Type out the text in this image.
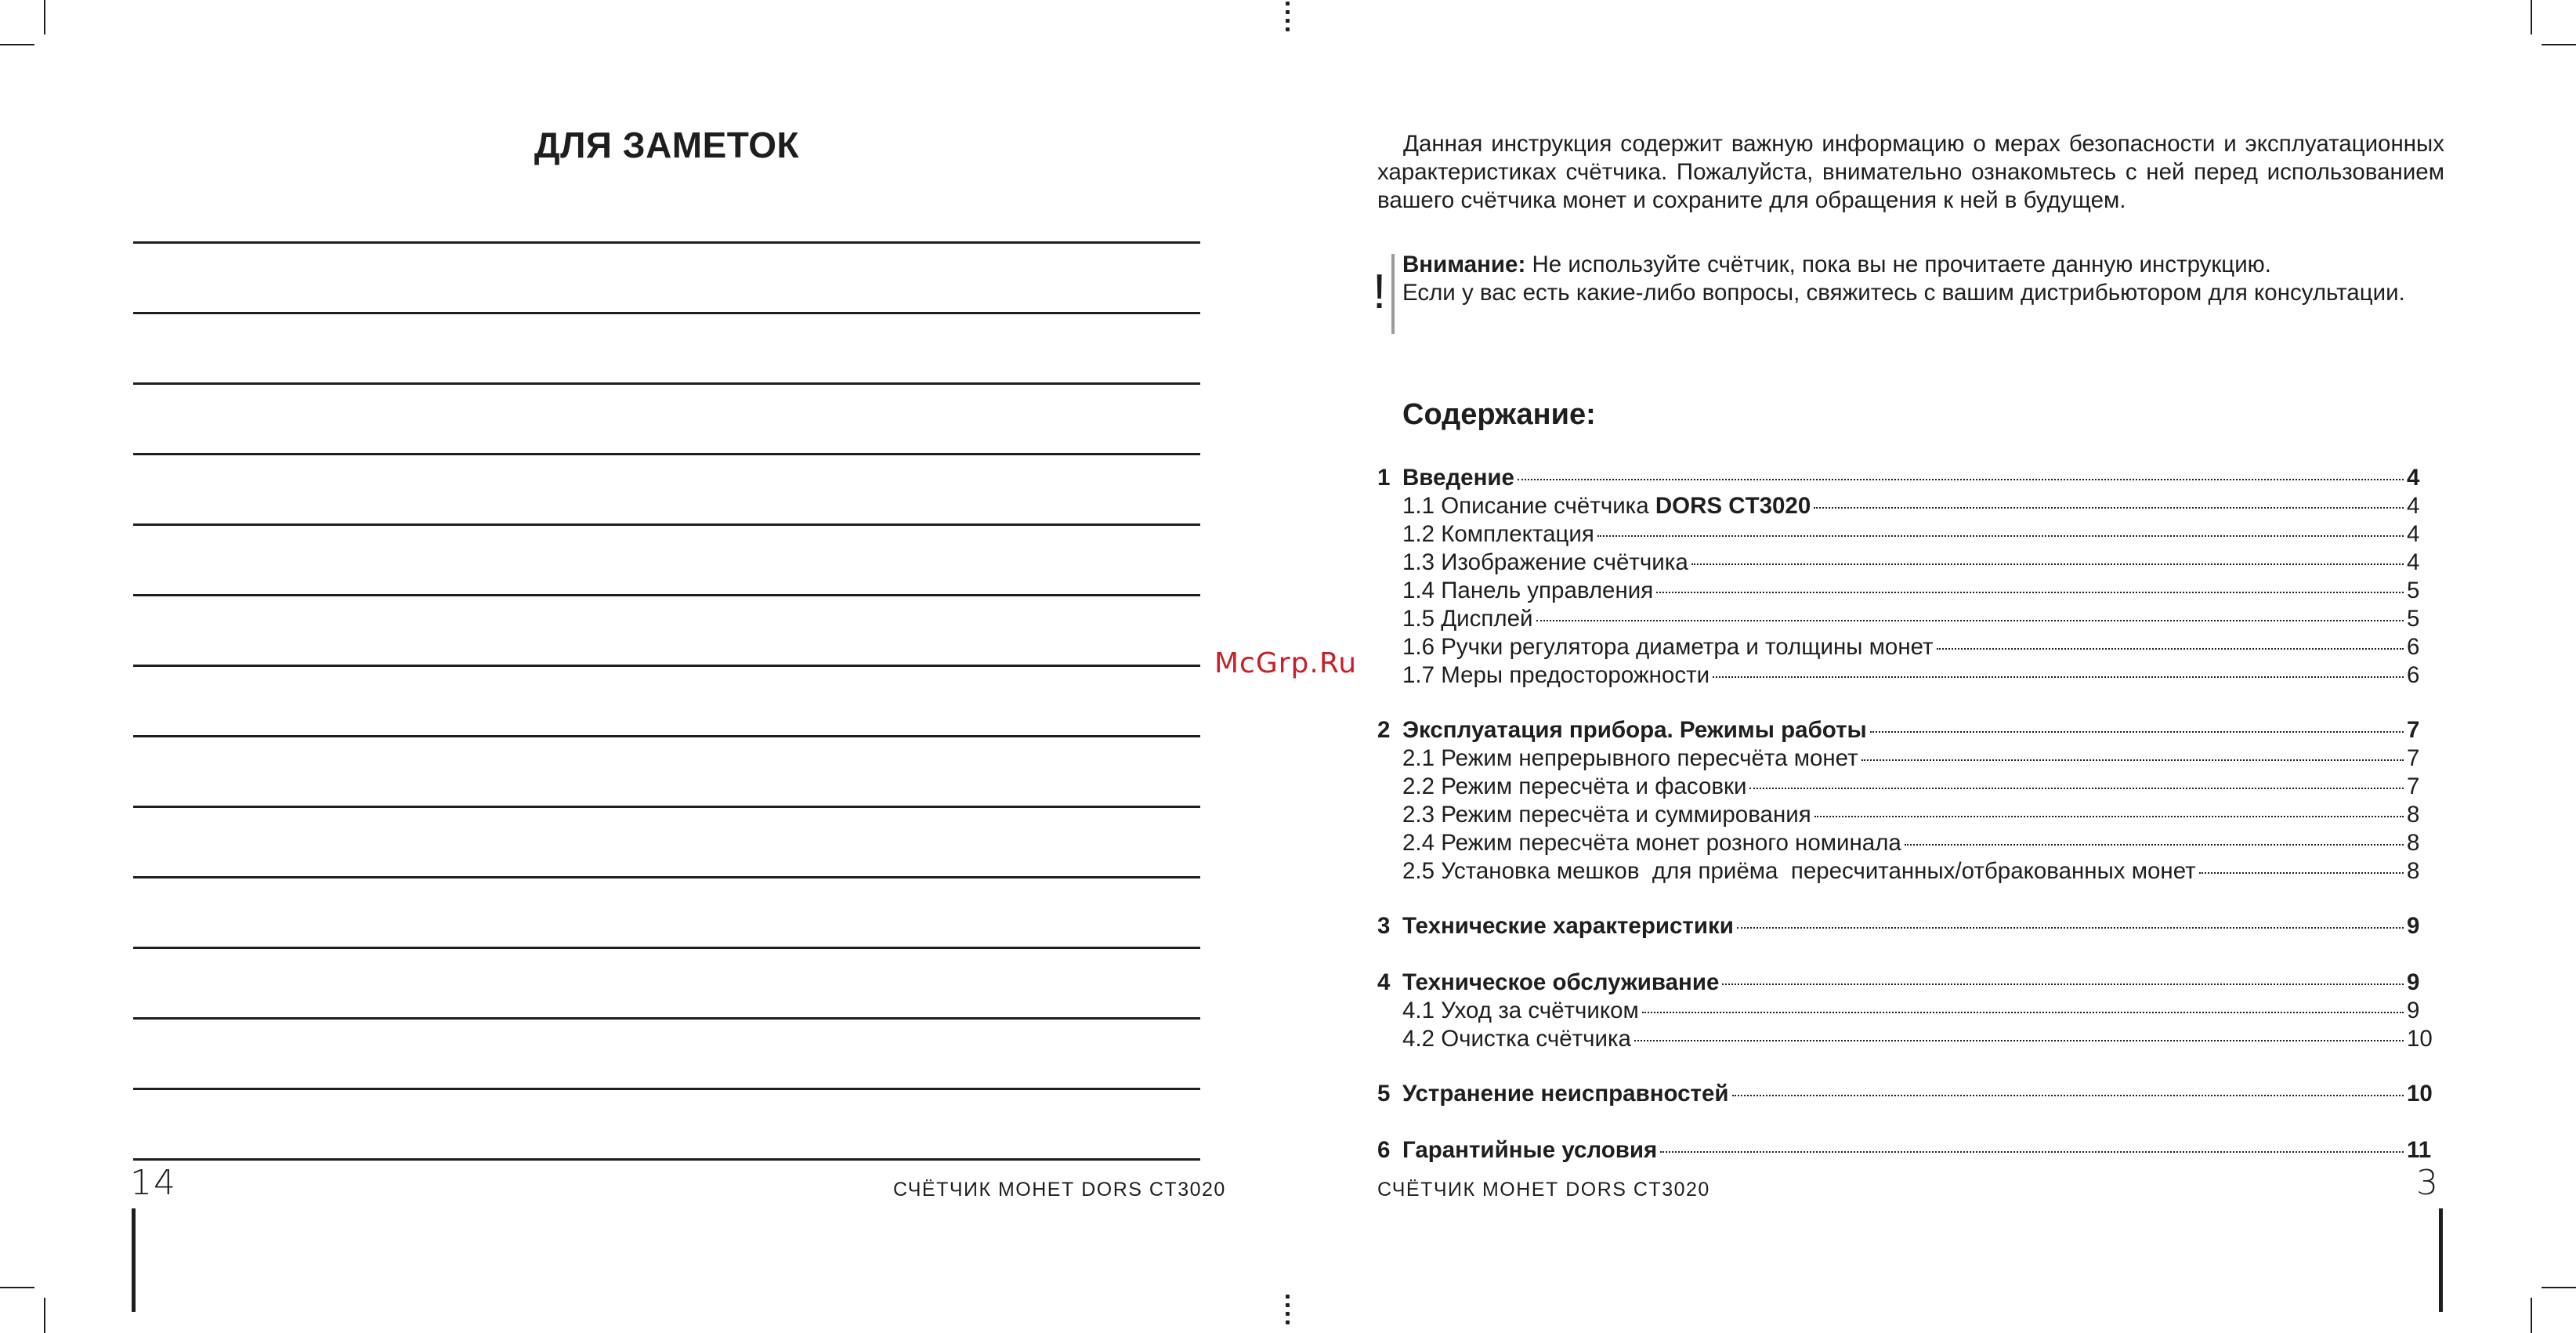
ДЛЯ ЗАМЕТОК
14	СЧЁТЧИК МОНЕТ DORS CT3020
Данная инструкция содержит важную информацию о мерах безопасности и эксплуатационных характеристиках счётчика. Пожалуйста, внимательно ознакомьтесь с ней перед использованием вашего счётчика монет и сохраните для обращения к ней в будущем.
!
Внимание: Не используйте счётчик, пока вы не прочитаете данную инструкцию.
Если у вас есть какие-либо вопросы, свяжитесь с вашим дистрибьютором для консультации.
Содержание:
1 Введение	4
1.1 Описание счётчика DORS CT3020	4
1.2 Комплектация	4
1.3 Изображение счётчика	4
1.4 Панель управления	5
1.5 Дисплей	5
1.6 Ручки регулятора диаметра и толщины монет	6
1.7 Меры предосторожности	6
2 Эксплуатация прибора. Режимы работы	7
2.1 Режим непрерывного пересчёта монет	7
2.2 Режим пересчёта и фасовки	7
2.3 Режим пересчёта и суммирования	8
2.4 Режим пересчёта монет розного номинала	8
2.5 Установка мешков  для приёма  пересчитанных/отбракованных монет	8
3 Технические характеристики	9
4 Техническое обслуживание	9
4.1 Уход за счётчиком	9
4.2 Очистка счётчика	10
5 Устранение неисправностей	10
6 Гарантийные условия	11
СЧЁТЧИК МОНЕТ DORS CT3020	3
McGrp.Ru
